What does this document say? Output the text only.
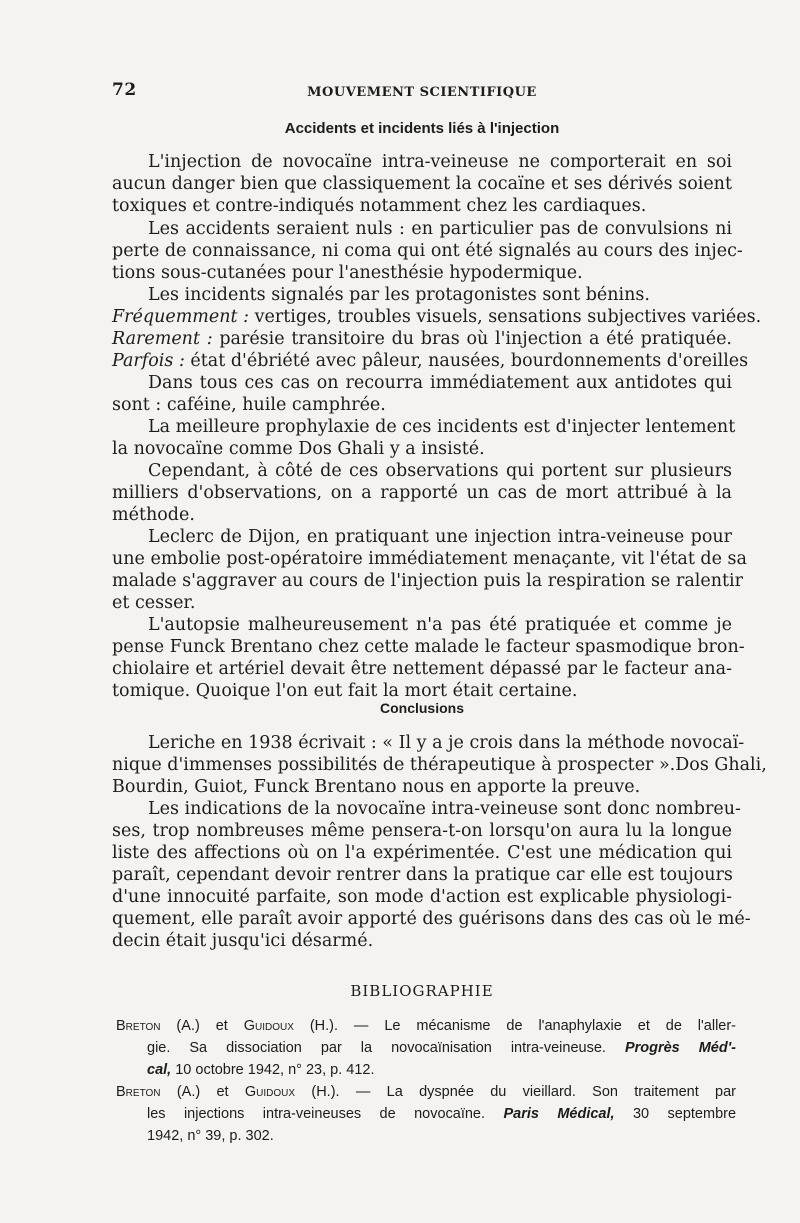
72	MOUVEMENT SCIENTIFIQUE
Accidents et incidents liés à l'injection
L'injection de novocaïne intra-veineuse ne comporterait en soi
aucun danger bien que classiquement la cocaïne et ses dérivés soient
toxiques et contre-indiqués notamment chez les cardiaques.
Les accidents seraient nuls : en particulier pas de convulsions ni
perte de connaissance, ni coma qui ont été signalés au cours des injec-
tions sous-cutanées pour l'anesthésie hypodermique.
Les incidents signalés par les protagonistes sont bénins.
Fréquemment : vertiges, troubles visuels, sensations subjectives variées.
Rarement : parésie transitoire du bras où l'injection a été pratiquée.
Parfois : état d'ébriété avec pâleur, nausées, bourdonnements d'oreilles
Dans tous ces cas on recourra immédiatement aux antidotes qui
sont : caféine, huile camphrée.
La meilleure prophylaxie de ces incidents est d'injecter lentement
la novocaïne comme Dos Ghali y a insisté.
Cependant, à côté de ces observations qui portent sur plusieurs
milliers d'observations, on a rapporté un cas de mort attribué à la
méthode.
Leclerc de Dijon, en pratiquant une injection intra-veineuse pour
une embolie post-opératoire immédiatement menaçante, vit l'état de sa
malade s'aggraver au cours de l'injection puis la respiration se ralentir
et cesser.
L'autopsie malheureusement n'a pas été pratiquée et comme je
pense Funck Brentano chez cette malade le facteur spasmodique bron-
chiolaire et artériel devait être nettement dépassé par le facteur ana-
tomique. Quoique l'on eut fait la mort était certaine.
Conclusions
Leriche en 1938 écrivait : « Il y a je crois dans la méthode novocaï-
nique d'immenses possibilités de thérapeutique à prospecter ».Dos Ghali,
Bourdin, Guiot, Funck Brentano nous en apporte la preuve.
Les indications de la novocaïne intra-veineuse sont donc nombreu-
ses, trop nombreuses même pensera-t-on lorsqu'on aura lu la longue
liste des affections où on l'a expérimentée. C'est une médication qui
paraît, cependant devoir rentrer dans la pratique car elle est toujours
d'une innocuité parfaite, son mode d'action est explicable physiologi-
quement, elle paraît avoir apporté des guérisons dans des cas où le mé-
decin était jusqu'ici désarmé.
BIBLIOGRAPHIE
Breton (A.) et Guidoux (H.). — Le mécanisme de l'anaphylaxie et de l'aller-
gie. Sa dissociation par la novocaïnisation intra-veineuse. Progrès Méd'-
cal, 10 octobre 1942, n° 23, p. 412.
Breton (A.) et Guidoux (H.). — La dyspnée du vieillard. Son traitement par
les injections intra-veineuses de novocaïne. Paris Médical, 30 septembre
1942, n° 39, p. 302.
